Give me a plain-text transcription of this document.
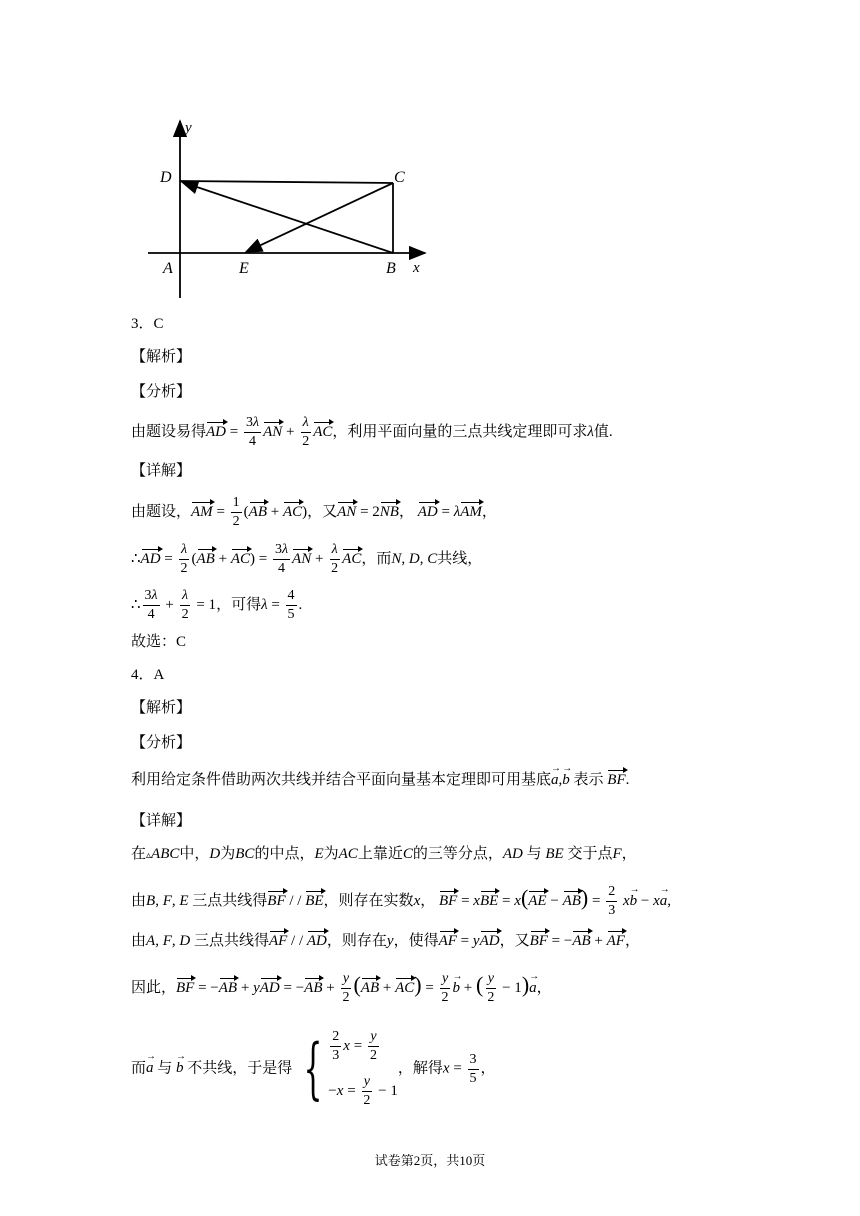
y
x
D	C
A	E	B
3．C
【解析】
【分析】
由题设易得AD = $\frac{3\lambda}{4}$ AN + $\frac{\lambda}{2}$ AC，利用平面向量的三点共线定理即可求λ值.
【详解】
由题设，AM = $\frac{1}{2} (AB + AC)$，又AN = 2NB， AD = λAM，
∴AD = $\frac{\lambda}{2} (AB + AC) = \frac{3\lambda}{4}$ AN + $\frac{\lambda}{2}$ AC，而N, D, C共线，
∴ $\frac{3\lambda}{4} + \frac{\lambda}{2} = 1$，可得$\lambda = \frac{4}{5}$ .
故选：C
4．A
【解析】
【分析】
利用给定条件借助两次共线并结合平面向量基本定理即可用基底a →,b → 表示 BF.
【详解】
在▵ABC中，D为BC的中点，E为AC上靠近C的三等分点，AD 与 BE 交于点F，
由B, F, E 三点共线得BF / / BE，则存在实数x， BF = xBE = $x(AE - AB) = \frac{2}{3}$ xb → − xa →,
由A, F, D 三点共线得AF / / AD，则存在y，使得AF = yAD，又BF = −AB + AF，
因此，BF = −AB + yAD = $-AB + \frac{y}{2} (AB + AC) = \frac{y}{2}$ b → + ( $\frac{y}{2} - 1)a$ →，
而a → 与 b → 不共线，于是得 { $\frac{2}{3}$ $x = \frac{y}{2}$
$-x = \frac{y}{2} - 1$
，解得$x = \frac{3}{5}$ ，
试卷第2页，共10页
